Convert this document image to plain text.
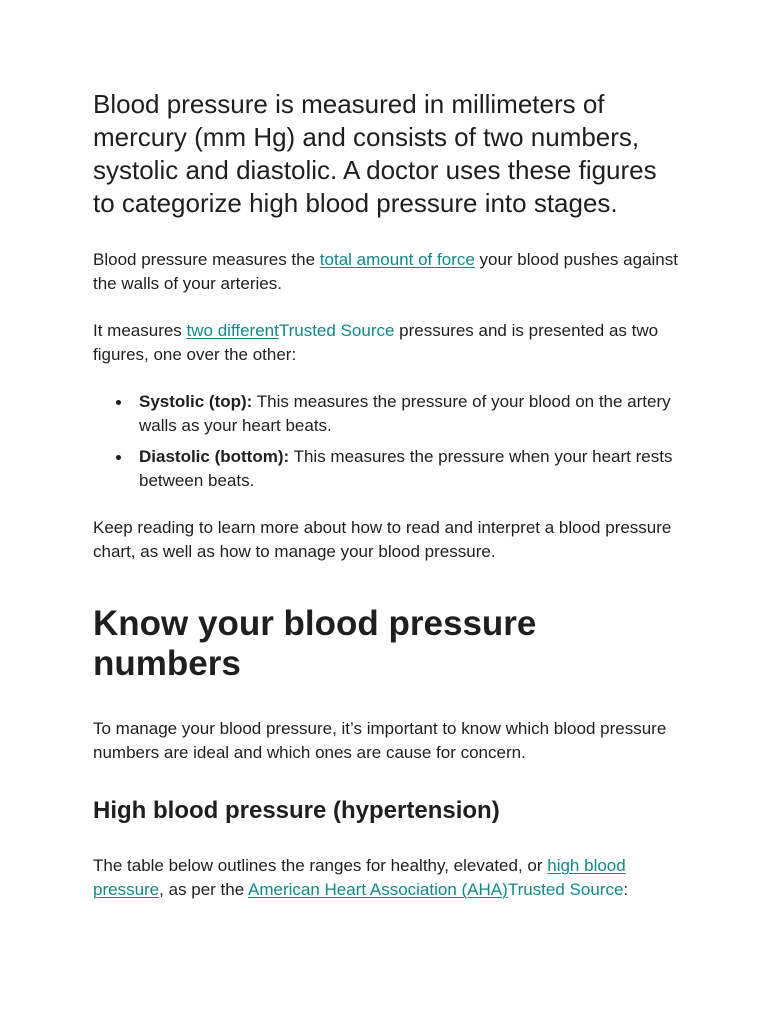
Blood pressure is measured in millimeters of mercury (mm Hg) and consists of two numbers, systolic and diastolic. A doctor uses these figures to categorize high blood pressure into stages.

Blood pressure measures the total amount of force your blood pushes against the walls of your arteries.

It measures two differentTrusted Source pressures and is presented as two figures, one over the other:

Systolic (top): This measures the pressure of your blood on the artery walls as your heart beats.
Diastolic (bottom): This measures the pressure when your heart rests between beats.

Keep reading to learn more about how to read and interpret a blood pressure chart, as well as how to manage your blood pressure.

Know your blood pressure numbers

To manage your blood pressure, it’s important to know which blood pressure numbers are ideal and which ones are cause for concern.

High blood pressure (hypertension)

The table below outlines the ranges for healthy, elevated, or high blood pressure, as per the American Heart Association (AHA)Trusted Source:
